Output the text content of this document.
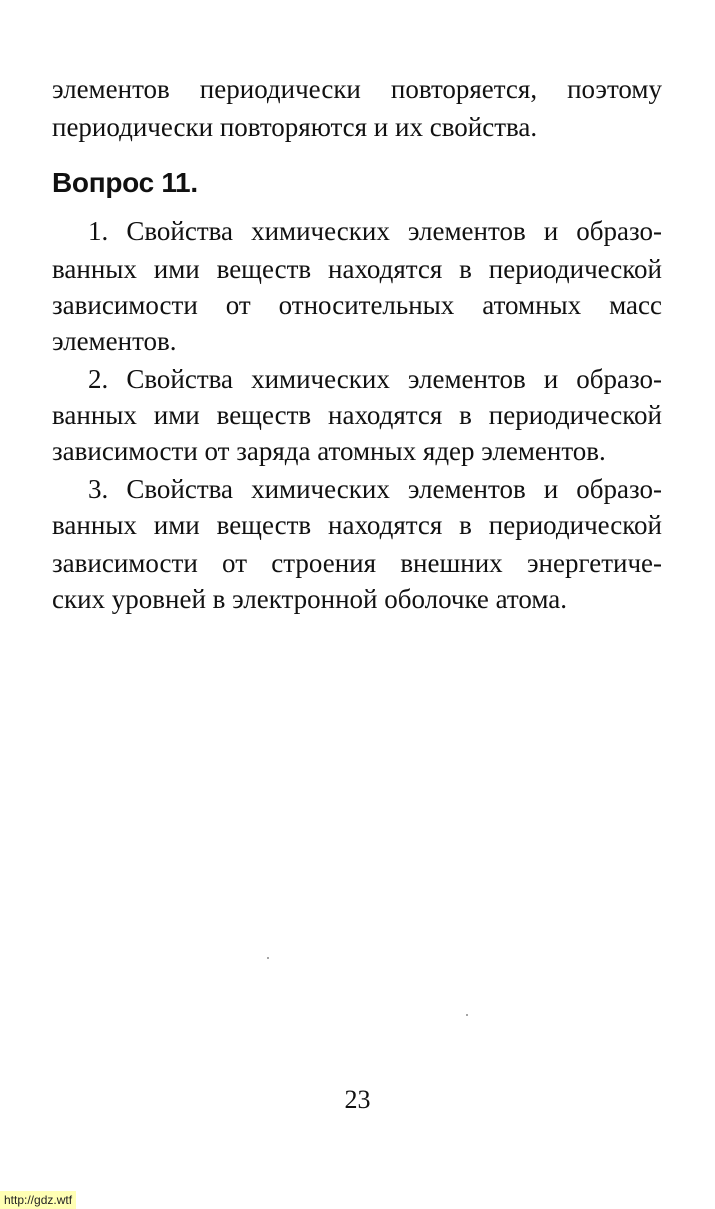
элементов периодически повторяется, поэтому
периодически повторяются и их свойства.
Вопрос 11.
1. Свойства химических элементов и образо-
ванных ими веществ находятся в периодической
зависимости от относительных атомных масс
элементов.
2. Свойства химических элементов и образо-
ванных ими веществ находятся в периодической
зависимости от заряда атомных ядер элементов.
3. Свойства химических элементов и образо-
ванных ими веществ находятся в периодической
зависимости от строения внешних энергетиче-
ских уровней в электронной оболочке атома.
23
http://gdz.wtf
